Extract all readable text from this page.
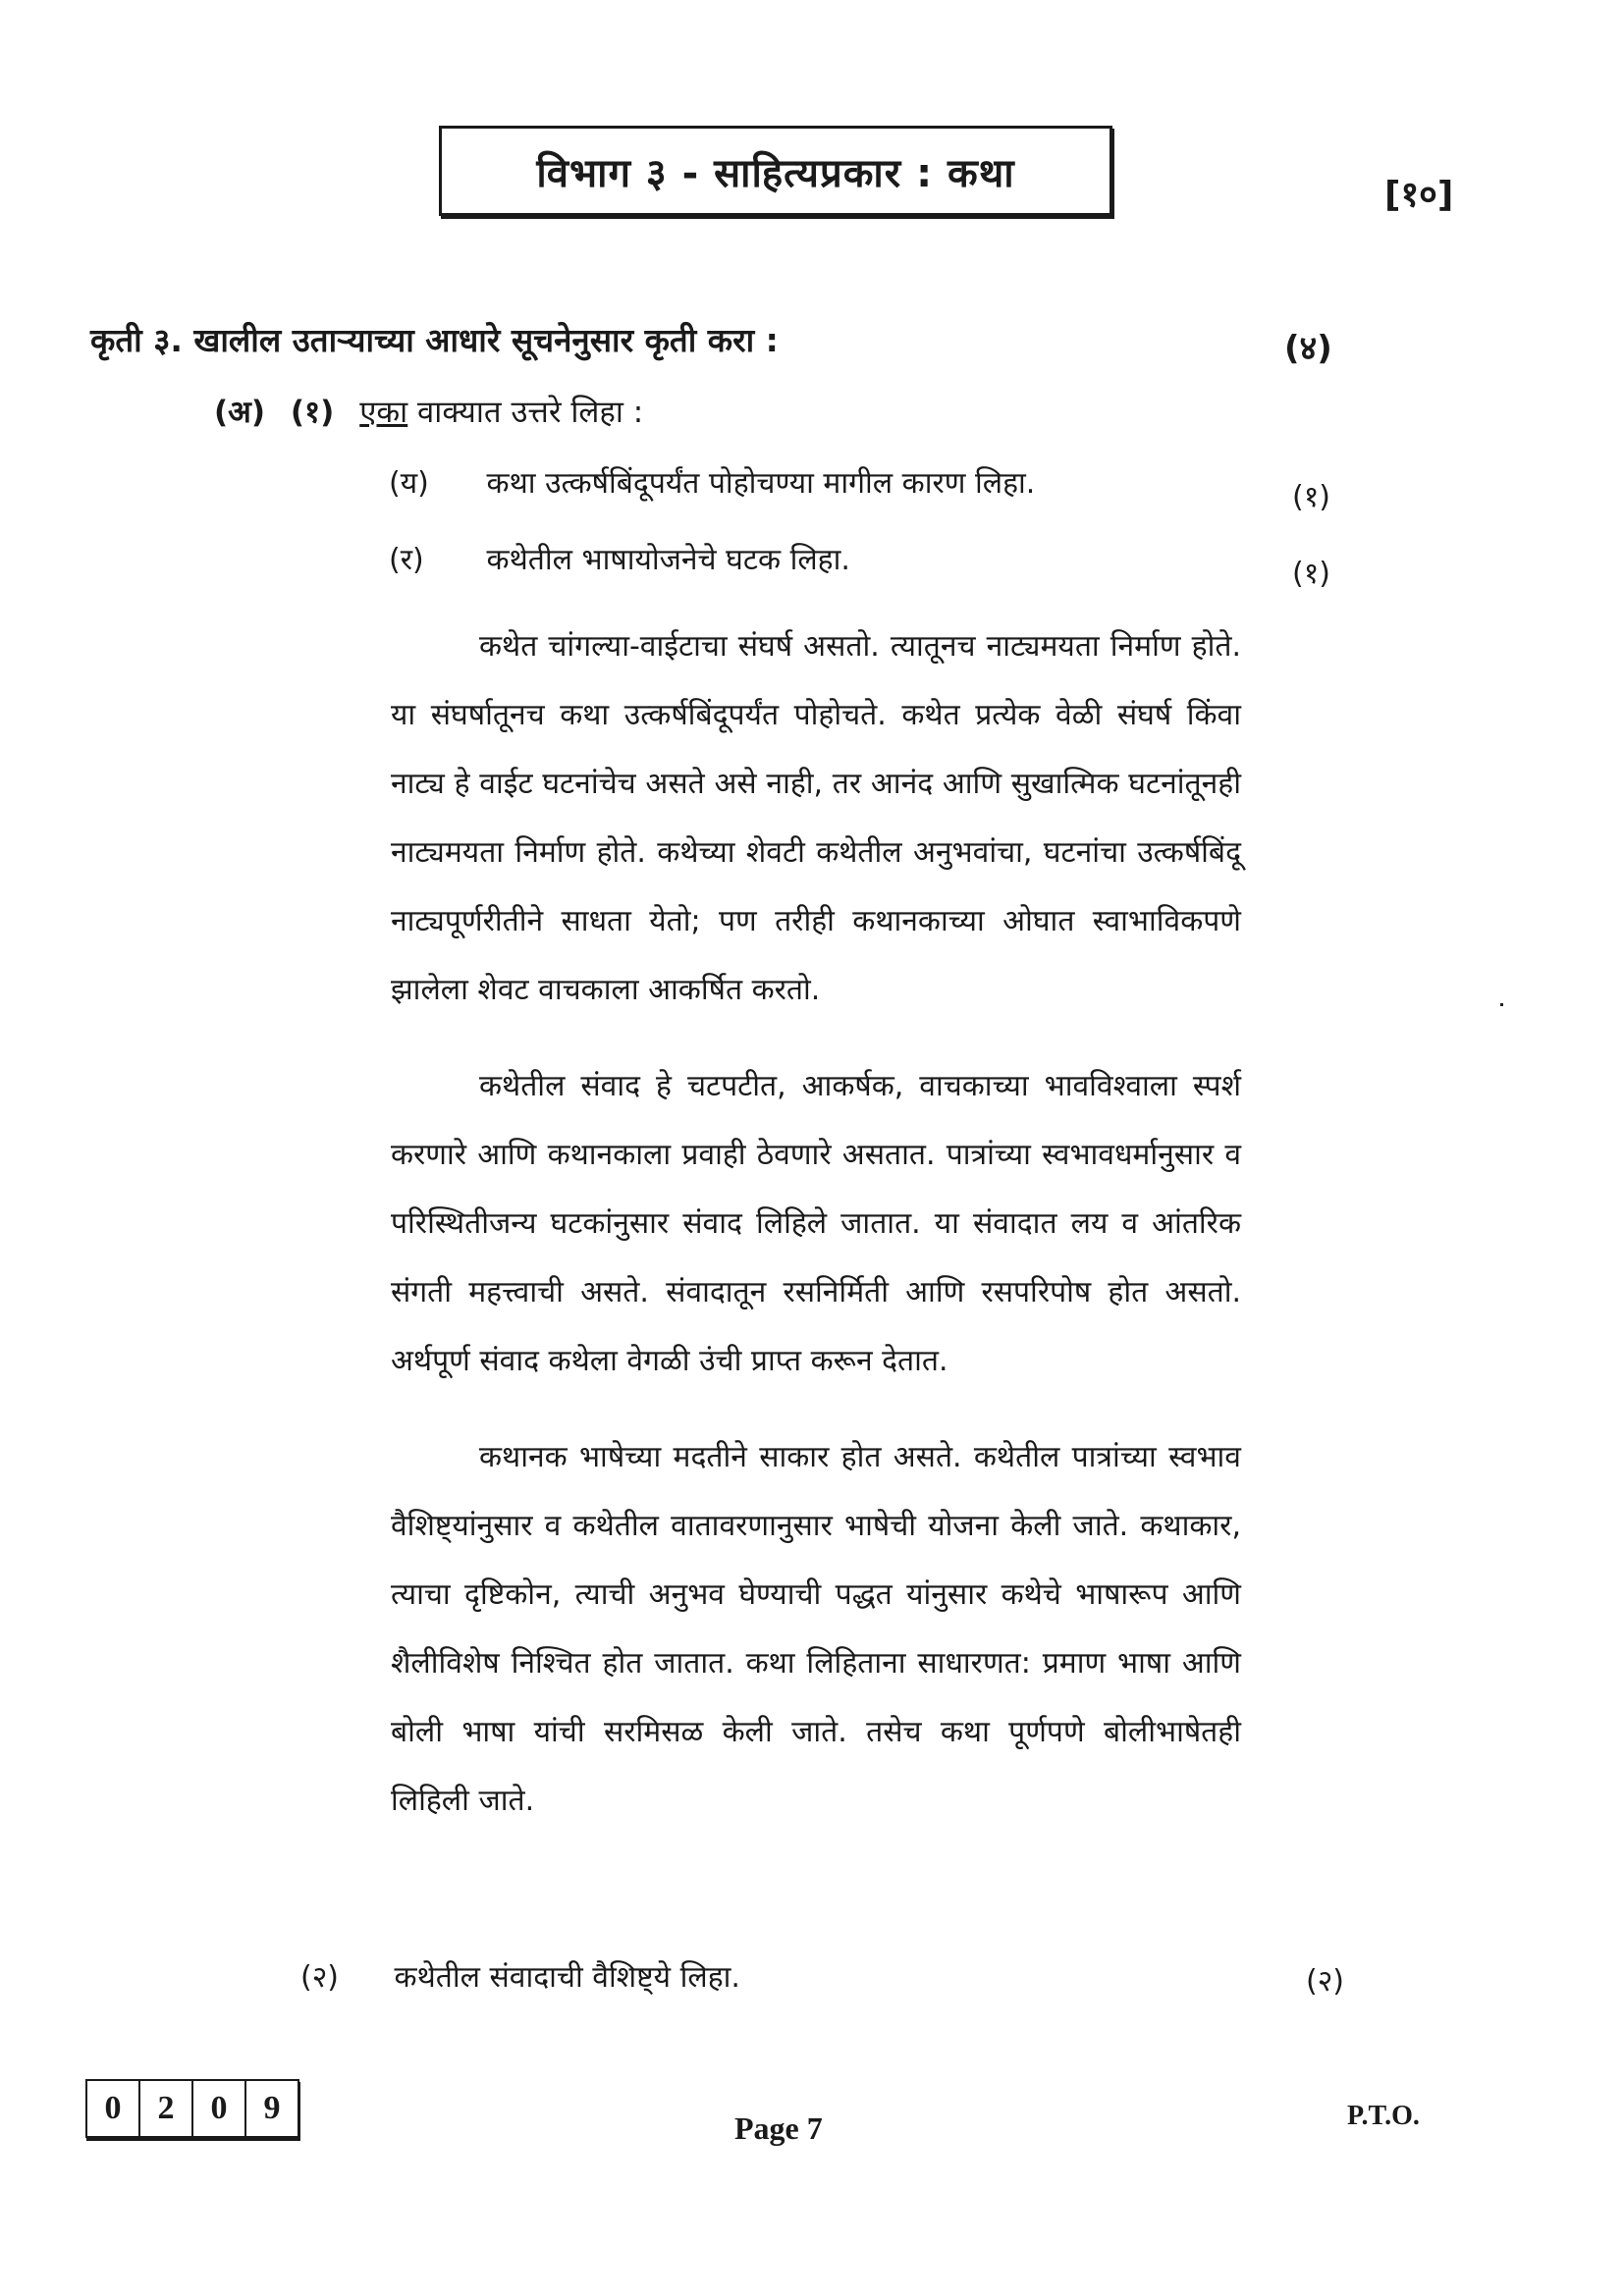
विभाग ३ - साहित्यप्रकार : कथा	[१०]
कृती ३. खालील उताऱ्याच्या आधारे सूचनेनुसार कृती करा :	(४)
(अ) (१) एका वाक्यात उत्तरे लिहा :
(य) कथा उत्कर्षबिंदूपर्यंत पोहोचण्या मागील कारण लिहा.	(१)
(र) कथेतील भाषायोजनेचे घटक लिहा.	(१)

कथेत चांगल्या-वाईटाचा संघर्ष असतो. त्यातूनच नाट्यमयता निर्माण होते. या संघर्षातूनच कथा उत्कर्षबिंदूपर्यंत पोहोचते. कथेत प्रत्येक वेळी संघर्ष किंवा नाट्य हे वाईट घटनांचेच असते असे नाही, तर आनंद आणि सुखात्मिक घटनांतूनही नाट्यमयता निर्माण होते. कथेच्या शेवटी कथेतील अनुभवांचा, घटनांचा उत्कर्षबिंदू नाट्यपूर्णरीतीने साधता येतो; पण तरीही कथानकाच्या ओघात स्वाभाविकपणे झालेला शेवट वाचकाला आकर्षित करतो.

कथेतील संवाद हे चटपटीत, आकर्षक, वाचकाच्या भावविश्वाला स्पर्श करणारे आणि कथानकाला प्रवाही ठेवणारे असतात. पात्रांच्या स्वभावधर्मानुसार व परिस्थितीजन्य घटकांनुसार संवाद लिहिले जातात. या संवादात लय व आंतरिक संगती महत्त्वाची असते. संवादातून रसनिर्मिती आणि रसपरिपोष होत असतो. अर्थपूर्ण संवाद कथेला वेगळी उंची प्राप्त करून देतात.

कथानक भाषेच्या मदतीने साकार होत असते. कथेतील पात्रांच्या स्वभाव वैशिष्ट्यांनुसार व कथेतील वातावरणानुसार भाषेची योजना केली जाते. कथाकार, त्याचा दृष्टिकोन, त्याची अनुभव घेण्याची पद्धत यांनुसार कथेचे भाषारूप आणि शैलीविशेष निश्चित होत जातात. कथा लिहिताना साधारणत: प्रमाण भाषा आणि बोली भाषा यांची सरमिसळ केली जाते. तसेच कथा पूर्णपणे बोलीभाषेतही लिहिली जाते.

(२) कथेतील संवादाची वैशिष्ट्ये लिहा.	(२)
0	2	0	9
Page 7	P.T.O.
